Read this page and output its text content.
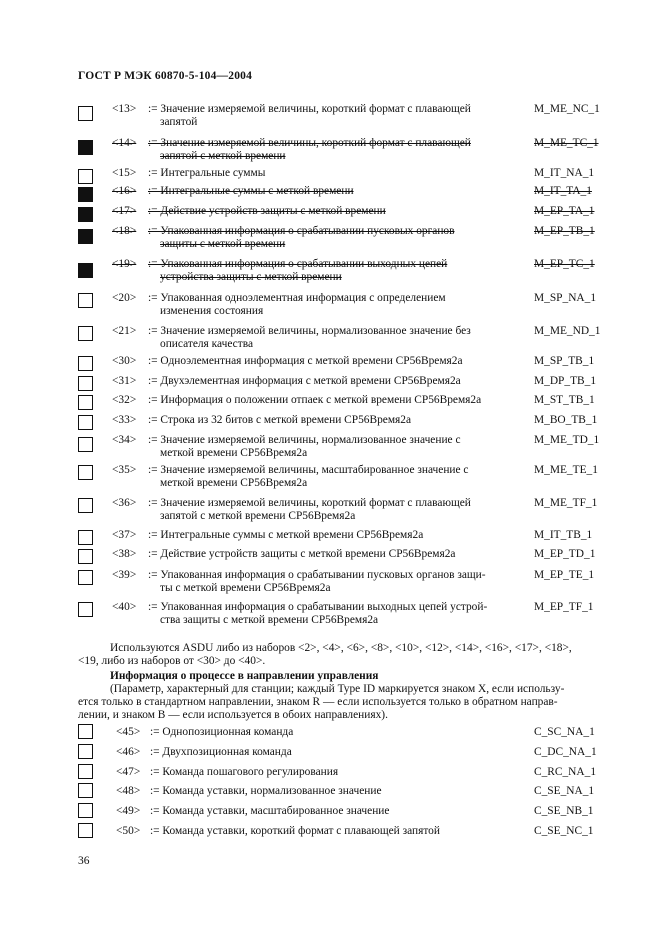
ГОСТ Р МЭК 60870-5-104—2004
<13> := Значение измеряемой величины, короткий формат с плавающей
запятой
M_ME_NC_1
<14> := Значение измеряемой величины, короткий формат с плавающей
запятой с меткой времени
M_ME_TC_1
<15> := Интегральные суммы	M_IT_NA_1
<16> := Интегральные суммы с меткой времени	M_IT_TA_1
<17> := Действие устройств защиты с меткой времени	M_EP_TA_1
<18> := Упакованная информация о срабатывании пусковых органов
защиты с меткой времени
M_EP_TB_1
<19> := Упакованная информация о срабатывании выходных цепей
устройства защиты с меткой времени
M_EP_TC_1
<20> := Упакованная одноэлементная информация с определением
изменения состояния
M_SP_NA_1
<21> := Значение измеряемой величины, нормализованное значение без
описателя качества
M_ME_ND_1
<30> := Одноэлементная информация с меткой времени СР56Время2а	M_SP_TB_1
<31> := Двухэлементная информация с меткой времени СР56Время2а	M_DP_TB_1
<32> := Информация о положении отпаек с меткой времени СР56Время2а	M_ST_TB_1
<33> := Строка из 32 битов с меткой времени СР56Время2а	M_BO_TB_1
<34> := Значение измеряемой величины, нормализованное значение с
меткой времени СР56Время2а
M_ME_TD_1
<35> := Значение измеряемой величины, масштабированное значение с
меткой времени СР56Время2а
M_ME_TE_1
<36> := Значение измеряемой величины, короткий формат с плавающей
запятой с меткой времени СР56Время2а
M_ME_TF_1
<37> := Интегральные суммы с меткой времени СР56Время2а	M_IT_TB_1
<38> := Действие устройств защиты с меткой времени СР56Время2а	M_EP_TD_1
<39> := Упакованная информация о срабатывании пусковых органов защи-
ты с меткой времени СР56Время2а
M_EP_TE_1
<40> := Упакованная информация о срабатывании выходных цепей устрой-
ства защиты с меткой времени СР56Время2а
M_EP_TF_1
Используются ASDU либо из наборов <2>, <4>, <6>, <8>, <10>, <12>, <14>, <16>, <17>, <18>,
<19, либо из наборов от <30> до <40>.
Информация о процессе в направлении управления
(Параметр, характерный для станции; каждый Type ID маркируется знаком X, если использу-
ется только в стандартном направлении, знаком R — если используется только в обратном направ-
лении, и знаком B — если используется в обоих направлениях).
<45> := Однопозиционная команда	C_SC_NA_1
<46> := Двухпозиционная команда	C_DC_NA_1
<47> := Команда пошагового регулирования	C_RC_NA_1
<48> := Команда уставки, нормализованное значение	C_SE_NA_1
<49> := Команда уставки, масштабированное значение	C_SE_NB_1
<50> := Команда уставки, короткий формат с плавающей запятой	C_SE_NC_1
36
